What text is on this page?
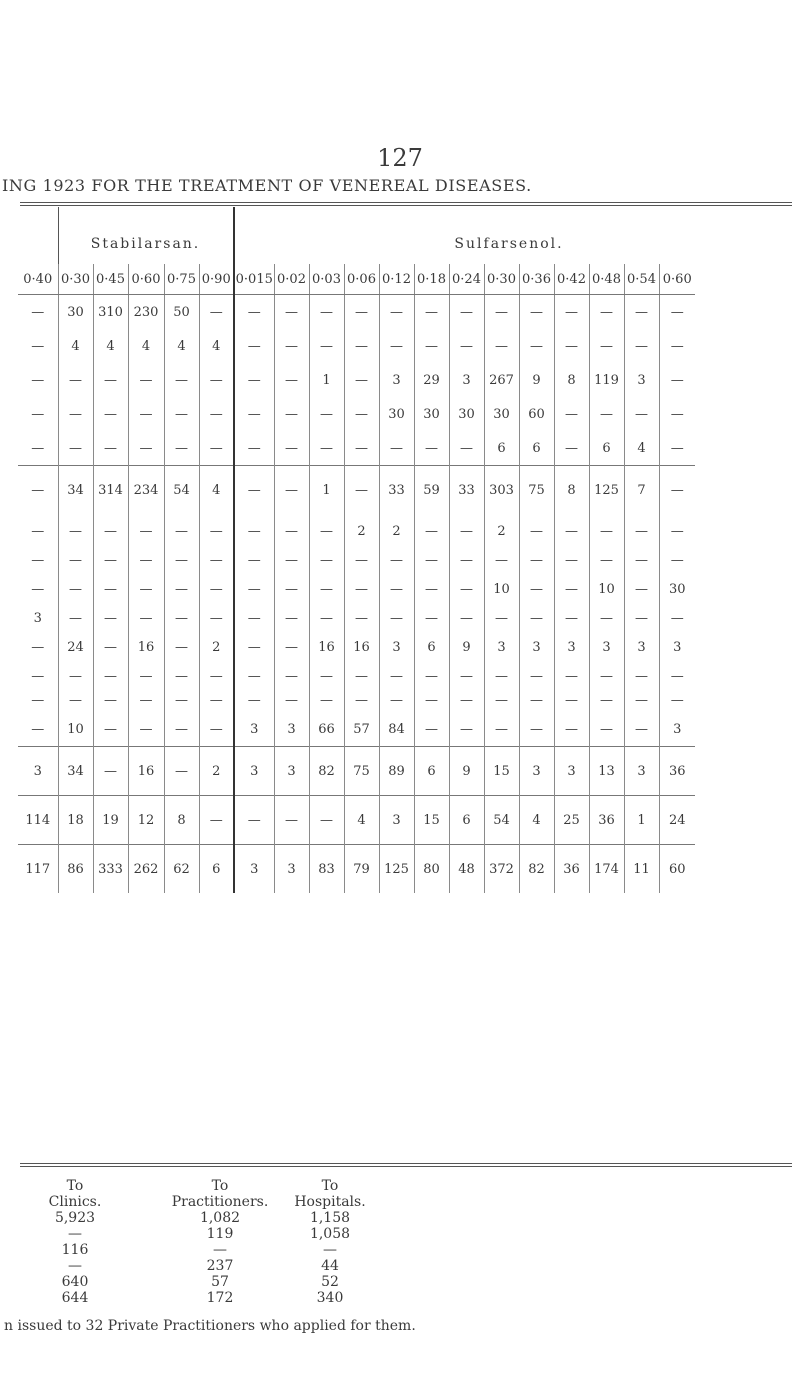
127
ING 1923 FOR THE TREATMENT OF VENEREAL DISEASES.
Stabilarsan.	Sulfarsenol.
0·40	0·30	0·45	0·60	0·75	0·90	0·015	0·02	0·03	0·06	0·12	0·18	0·24	0·30	0·36	0·42	0·48	0·54	0·60
—	30	310	230	50	—	—	—	—	—	—	—	—	—	—	—	—	—	—
—	4	4	4	4	4	—	—	—	—	—	—	—	—	—	—	—	—	—
—	—	—	—	—	—	—	—	1	—	3	29	3	267	9	8	119	3	—
—	—	—	—	—	—	—	—	—	—	30	30	30	30	60	—	—	—	—
—	—	—	—	—	—	—	—	—	—	—	—	—	6	6	—	6	4	—
—	34	314	234	54	4	—	—	1	—	33	59	33	303	75	8	125	7	—
—	—	—	—	—	—	—	—	—	2	2	—	—	2	—	—	—	—	—
—	—	—	—	—	—	—	—	—	—	—	—	—	—	—	—	—	—	—
—	—	—	—	—	—	—	—	—	—	—	—	—	10	—	—	10	—	30
3	—	—	—	—	—	—	—	—	—	—	—	—	—	—	—	—	—	—
—	24	—	16	—	2	—	—	16	16	3	6	9	3	3	3	3	3	3
—	—	—	—	—	—	—	—	—	—	—	—	—	—	—	—	—	—	—
—	—	—	—	—	—	—	—	—	—	—	—	—	—	—	—	—	—	—
—	10	—	—	—	—	3	3	66	57	84	—	—	—	—	—	—	—	3
3	34	—	16	—	2	3	3	82	75	89	6	9	15	3	3	13	3	36
114	18	19	12	8	—	—	—	—	4	3	15	6	54	4	25	36	1	24
117	86	333	262	62	6	3	3	83	79	125	80	48	372	82	36	174	11	60
To	To	To
Clinics.	Practitioners.	Hospitals.
5,923	1,082	1,158
—	119	1,058
116	—	—
—	237	44
640	57	52
644	172	340
n issued to 32 Private Practitioners who applied for them.
